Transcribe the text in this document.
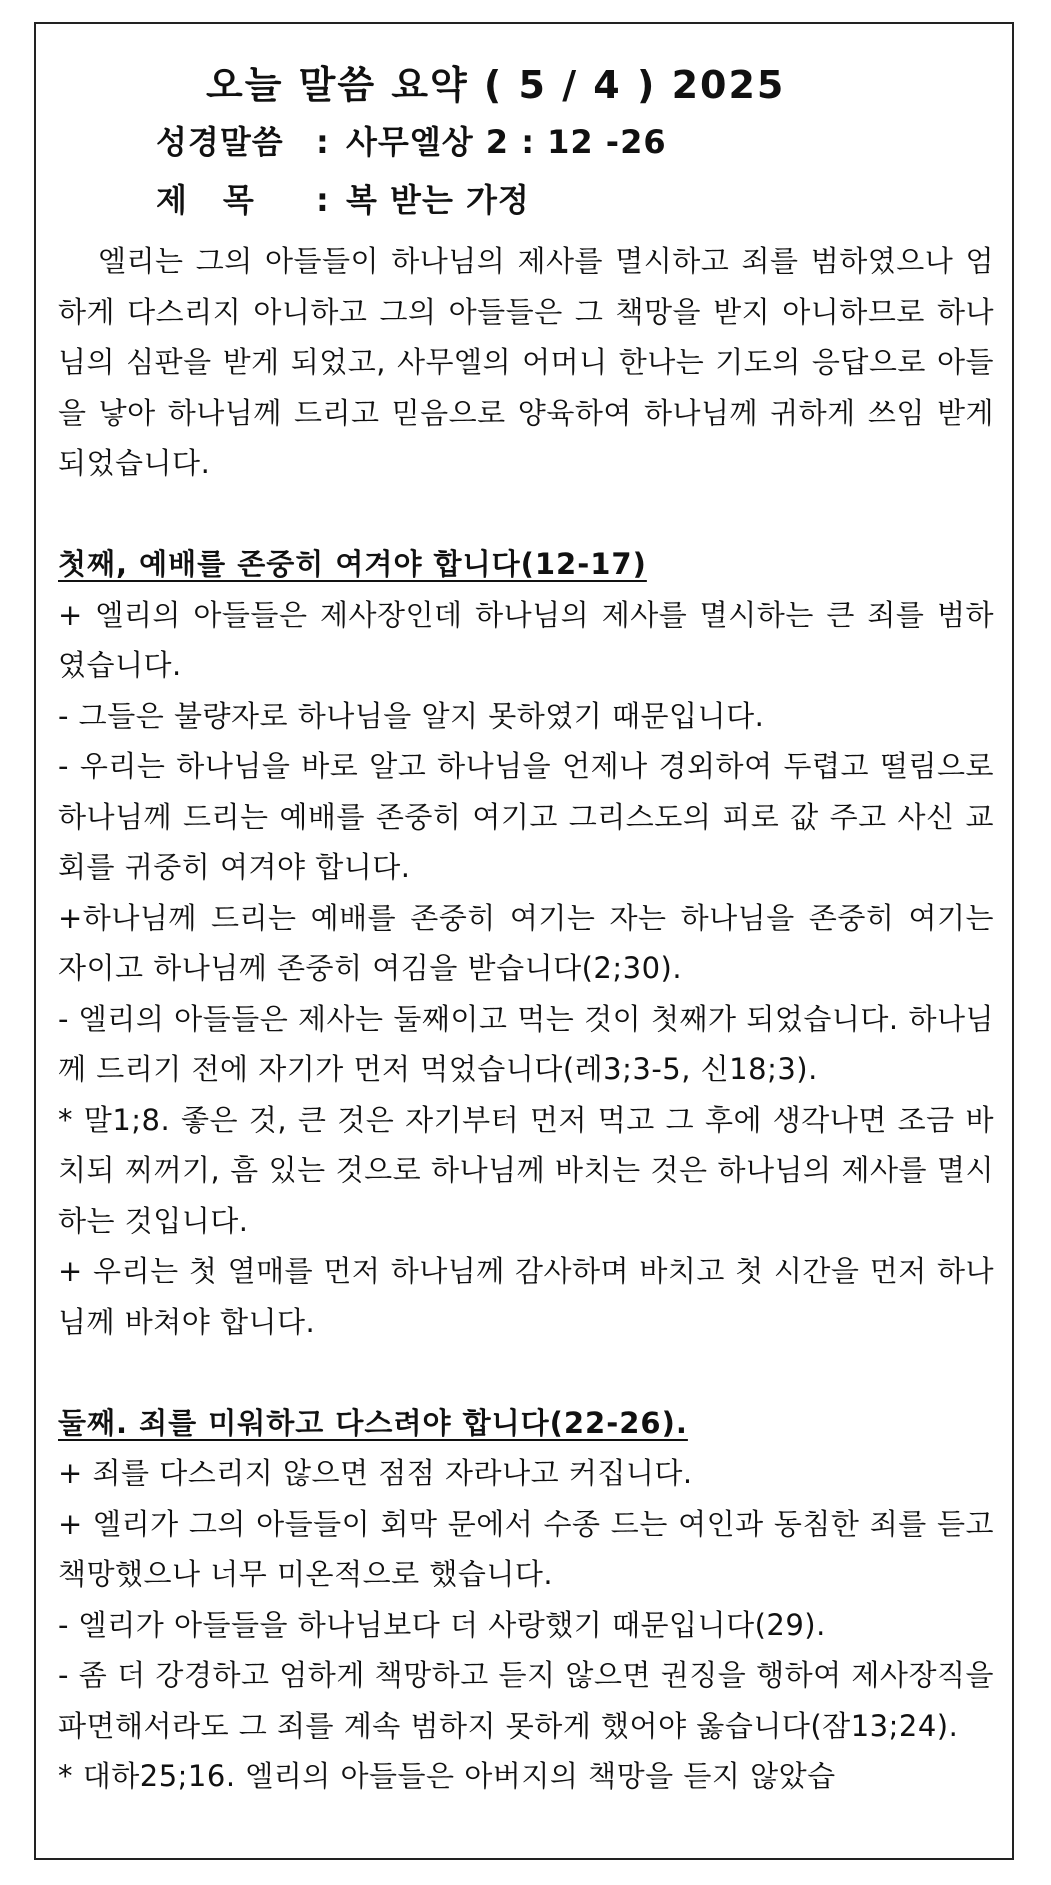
오늘 말씀 요약 ( 5 / 4 ) 2025
성경말씀 : 사무엘상 2 : 12 -26
제목 : 복 받는 가정

엘리는 그의 아들들이 하나님의 제사를 멸시하고 죄를 범하였으나 엄하게 다스리지 아니하고 그의 아들들은 그 책망을 받지 아니하므로 하나님의 심판을 받게 되었고, 사무엘의 어머니 한나는 기도의 응답으로 아들을 낳아 하나님께 드리고 믿음으로 양육하여 하나님께 귀하게 쓰임 받게 되었습니다.

첫째, 예배를 존중히 여겨야 합니다(12-17)

+ 엘리의 아들들은 제사장인데 하나님의 제사를 멸시하는 큰 죄를 범하였습니다.

- 그들은 불량자로 하나님을 알지 못하였기 때문입니다.

- 우리는 하나님을 바로 알고 하나님을 언제나 경외하여 두렵고 떨림으로 하나님께 드리는 예배를 존중히 여기고 그리스도의 피로 값 주고 사신 교회를 귀중히 여겨야 합니다.

+하나님께 드리는 예배를 존중히 여기는 자는 하나님을 존중히 여기는 자이고 하나님께 존중히 여김을 받습니다(2;30).

- 엘리의 아들들은 제사는 둘째이고 먹는 것이 첫째가 되었습니다. 하나님께 드리기 전에 자기가 먼저 먹었습니다(레3;3-5, 신18;3).

* 말1;8. 좋은 것, 큰 것은 자기부터 먼저 먹고 그 후에 생각나면 조금 바치되 찌꺼기, 흠 있는 것으로 하나님께 바치는 것은 하나님의 제사를 멸시하는 것입니다.

+ 우리는 첫 열매를 먼저 하나님께 감사하며 바치고 첫 시간을 먼저 하나님께 바쳐야 합니다.

둘째. 죄를 미워하고 다스려야 합니다(22-26).

+ 죄를 다스리지 않으면 점점 자라나고 커집니다.

+ 엘리가 그의 아들들이 회막 문에서 수종 드는 여인과 동침한 죄를 듣고 책망했으나 너무 미온적으로 했습니다.

- 엘리가 아들들을 하나님보다 더 사랑했기 때문입니다(29).

- 좀 더 강경하고 엄하게 책망하고 듣지 않으면 권징을 행하여 제사장직을 파면해서라도 그 죄를 계속 범하지 못하게 했어야 옳습니다(잠13;24).

* 대하25;16. 엘리의 아들들은 아버지의 책망을 듣지 않았습
